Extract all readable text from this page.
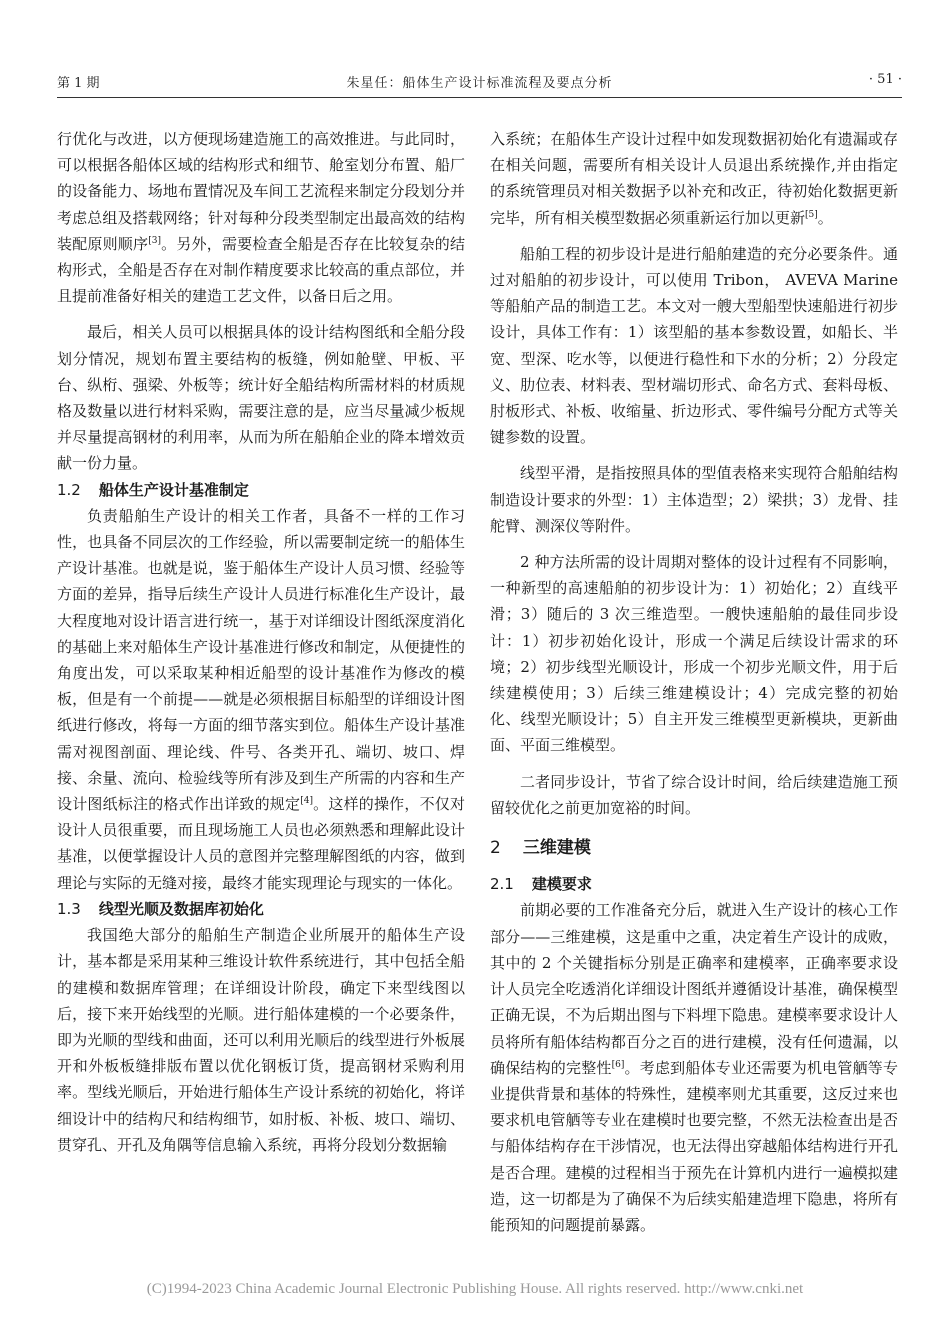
第 1 期	朱星任：船体生产设计标准流程及要点分析	· 51 ·

行优化与改进，以方便现场建造施工的高效推进。与此同时，可以根据各船体区域的结构形式和细节、舱室划分布置、船厂的设备能力、场地布置情况及车间工艺流程来制定分段划分并考虑总组及搭载网络；针对每种分段类型制定出最高效的结构装配原则顺序[3]。另外，需要检查全船是否存在比较复杂的结构形式，全船是否存在对制作精度要求比较高的重点部位，并且提前准备好相关的建造工艺文件，以备日后之用。

最后，相关人员可以根据具体的设计结构图纸和全船分段划分情况，规划布置主要结构的板缝，例如舱壁、甲板、平台、纵桁、强梁、外板等；统计好全船结构所需材料的材质规格及数量以进行材料采购，需要注意的是，应当尽量减少板规并尽量提高钢材的利用率，从而为所在船舶企业的降本增效贡献一份力量。

1.2 船体生产设计基准制定

负责船舶生产设计的相关工作者，具备不一样的工作习性，也具备不同层次的工作经验，所以需要制定统一的船体生产设计基准。也就是说，鉴于船体生产设计人员习惯、经验等方面的差异，指导后续生产设计人员进行标准化生产设计，最大程度地对设计语言进行统一，基于对详细设计图纸深度消化的基础上来对船体生产设计基准进行修改和制定，从便捷性的角度出发，可以采取某种相近船型的设计基准作为修改的模板，但是有一个前提——就是必须根据目标船型的详细设计图纸进行修改，将每一方面的细节落实到位。船体生产设计基准需对视图剖面、理论线、件号、各类开孔、端切、坡口、焊接、余量、流向、检验线等所有涉及到生产所需的内容和生产设计图纸标注的格式作出详致的规定[4]。这样的操作，不仅对设计人员很重要，而且现场施工人员也必须熟悉和理解此设计基准，以便掌握设计人员的意图并完整理解图纸的内容，做到理论与实际的无缝对接，最终才能实现理论与现实的一体化。

1.3 线型光顺及数据库初始化

我国绝大部分的船舶生产制造企业所展开的船体生产设计，基本都是采用某种三维设计软件系统进行，其中包括全船的建模和数据库管理；在详细设计阶段，确定下来型线图以后，接下来开始线型的光顺。进行船体建模的一个必要条件，即为光顺的型线和曲面，还可以利用光顺后的线型进行外板展开和外板板缝排版布置以优化钢板订货，提高钢材采购利用率。型线光顺后，开始进行船体生产设计系统的初始化，将详细设计中的结构尺和结构细节，如肘板、补板、坡口、端切、贯穿孔、开孔及角隅等信息输入系统，再将分段划分数据输

入系统；在船体生产设计过程中如发现数据初始化有遗漏或存在相关问题，需要所有相关设计人员退出系统操作,并由指定的系统管理员对相关数据予以补充和改正，待初始化数据更新完毕，所有相关模型数据必须重新运行加以更新[5]。

船舶工程的初步设计是进行船舶建造的充分必要条件。通过对船舶的初步设计，可以使用 Tribon， AVEVA Marine 等船舶产品的制造工艺。本文对一艘大型船型快速船进行初步设计，具体工作有：1）该型船的基本参数设置，如船长、半宽、型深、吃水等，以便进行稳性和下水的分析；2）分段定义、肋位表、材料表、型材端切形式、命名方式、套料母板、肘板形式、补板、收缩量、折边形式、零件编号分配方式等关键参数的设置。

线型平滑，是指按照具体的型值表格来实现符合船舶结构制造设计要求的外型：1）主体造型；2）梁拱；3）龙骨、挂舵臂、测深仪等附件。

2 种方法所需的设计周期对整体的设计过程有不同影响，一种新型的高速船舶的初步设计为：1）初始化；2）直线平滑；3）随后的 3 次三维造型。一艘快速船舶的最佳同步设计：1）初步初始化设计，形成一个满足后续设计需求的环境；2）初步线型光顺设计，形成一个初步光顺文件，用于后续建模使用；3）后续三维建模设计；4）完成完整的初始化、线型光顺设计；5）自主开发三维模型更新模块，更新曲面、平面三维模型。

二者同步设计，节省了综合设计时间，给后续建造施工预留较优化之前更加宽裕的时间。

2 三维建模
2.1 建模要求

前期必要的工作准备充分后，就进入生产设计的核心工作部分——三维建模，这是重中之重，决定着生产设计的成败，其中的 2 个关键指标分别是正确率和建模率，正确率要求设计人员完全吃透消化详细设计图纸并遵循设计基准，确保模型正确无误，不为后期出图与下料埋下隐患。建模率要求设计人员将所有船体结构都百分之百的进行建模，没有任何遗漏，以确保结构的完整性[6]。考虑到船体专业还需要为机电管舾等专业提供背景和基体的特殊性，建模率则尤其重要，这反过来也要求机电管舾等专业在建模时也要完整，不然无法检查出是否与船体结构存在干涉情况，也无法得出穿越船体结构进行开孔是否合理。建模的过程相当于预先在计算机内进行一遍模拟建造，这一切都是为了确保不为后续实船建造埋下隐患，将所有能预知的问题提前暴露。

(C)1994-2023 China Academic Journal Electronic Publishing House. All rights reserved. http://www.cnki.net
